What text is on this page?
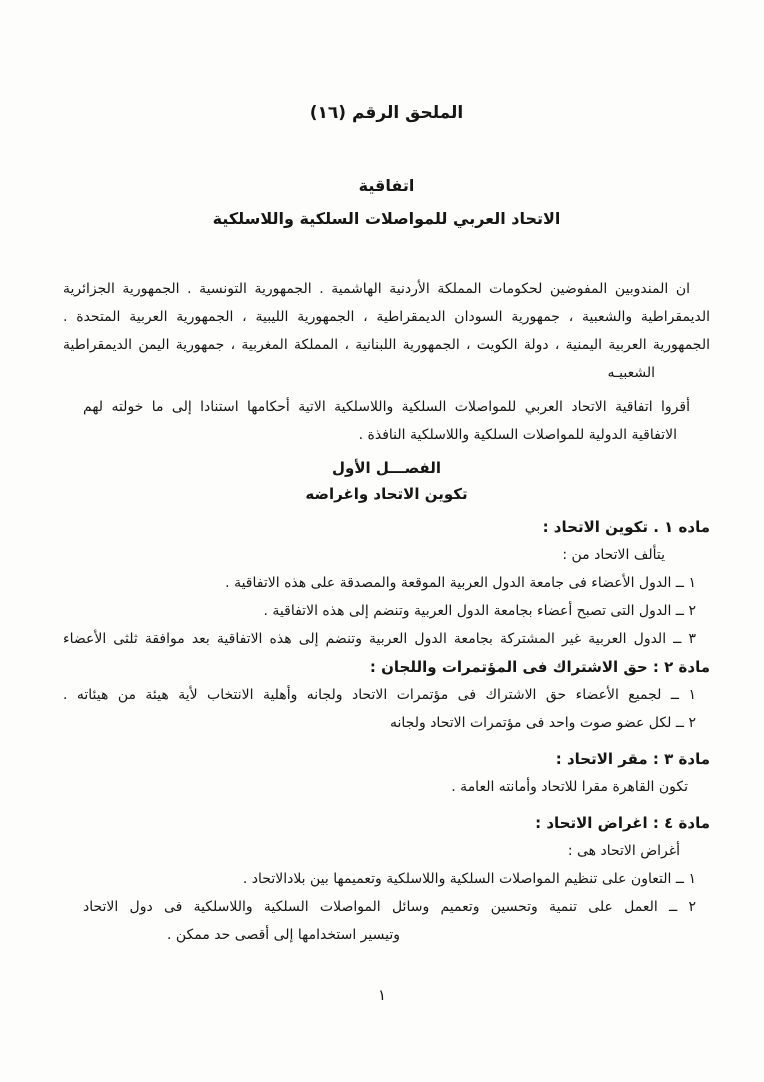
الملحق الرقم (١٦)
اتفاقية
الاتحاد العربي للمواصلات السلكية واللاسلكية
ان المندوبين المفوضين لحكومات المملكة الأردنية الهاشمية . الجمهورية التونسية . الجمهورية الجزائرية
الديمقراطية والشعبية ، جمهورية السودان الديمقراطية ، الجمهورية الليبية ، الجمهورية العربية المتحدة .
الجمهورية العربية اليمنية ، دولة الكويت ، الجمهورية اللبنانية ، المملكة المغربية ، جمهورية اليمن الديمقراطية
الشعبيـه
أقروا اتفاقية الاتحاد العربي للمواصلات السلكية واللاسلكية الاتية أحكامها استنادا إلى ما خولته لهم
الاتفاقية الدولية للمواصلات السلكية واللاسلكية النافذة .
الفصـــل الأول
تكوين الاتحاد واغراضه
ماده ١ . تكوين الاتحاد :
يتألف الاتحاد من :
١ ــ الدول الأعضاء فى جامعة الدول العربية الموقعة والمصدقة على هذه الاتفاقية .
٢ ــ الدول التى تصبح أعضاء بجامعة الدول العربية وتنضم إلى هذه الاتفاقية .
٣ ــ الدول العربية غير المشتركة بجامعة الدول العربية وتنضم إلى هذه الاتفاقية بعد موافقة ثلثى الأعضاء
مادة ٢ : حق الاشتراك فى المؤتمرات واللجان :
١ ــ لجميع الأعضاء حق الاشتراك فى مؤتمرات الاتحاد ولجانه وأهلية الانتخاب لأية هيئة من هيئاته .
٢ ــ لكل عضو صوت واحد فى مؤتمرات الاتحاد ولجانه
مادة ٣ : مقر الاتحاد :
تكون القاهرة مقرا للاتحاد وأمانته العامة .
مادة ٤ : اغراض الاتحاد :
أغراض الاتحاد هى :
١ ــ التعاون على تنظيم المواصلات السلكية واللاسلكية وتعميمها بين بلادالاتحاد .
٢ ــ العمل على تنمية وتحسين وتعميم وسائل المواصلات السلكية واللاسلكية فى دول الاتحاد
وتيسير استخدامها إلى أقصى حد ممكن .
١
